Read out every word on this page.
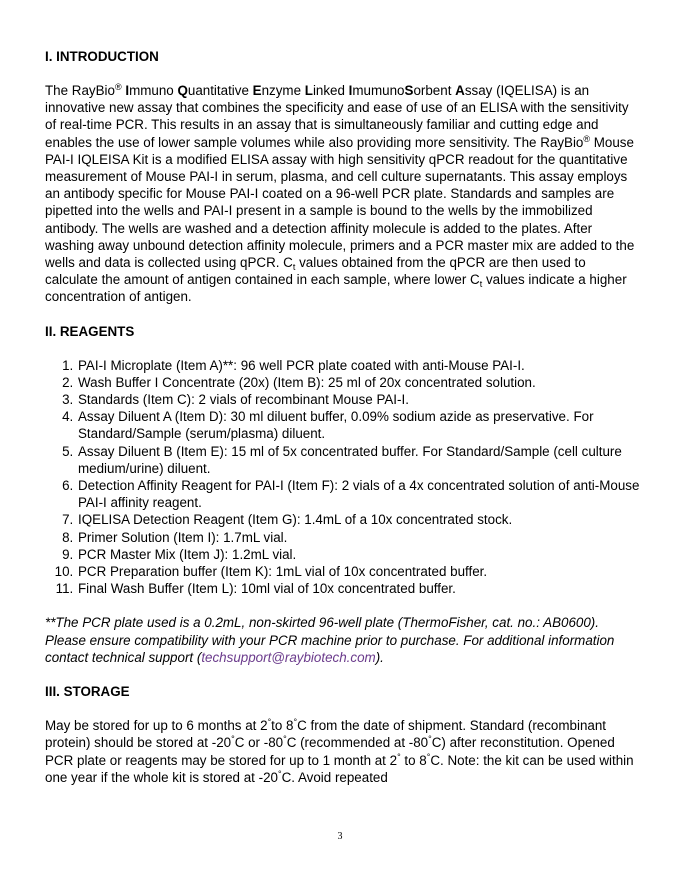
I. INTRODUCTION

The RayBio® Immuno Quantitative Enzyme Linked ImumunoSorbent Assay (IQELISA) is an innovative new assay that combines the specificity and ease of use of an ELISA with the sensitivity of real-time PCR. This results in an assay that is simultaneously familiar and cutting edge and enables the use of lower sample volumes while also providing more sensitivity. The RayBio® Mouse PAI-I IQLEISA Kit is a modified ELISA assay with high sensitivity qPCR readout for the quantitative measurement of Mouse PAI-I in serum, plasma, and cell culture supernatants. This assay employs an antibody specific for Mouse PAI-I coated on a 96-well PCR plate. Standards and samples are pipetted into the wells and PAI-I present in a sample is bound to the wells by the immobilized antibody. The wells are washed and a detection affinity molecule is added to the plates. After washing away unbound detection affinity molecule, primers and a PCR master mix are added to the wells and data is collected using qPCR. $C_t$ values obtained from the qPCR are then used to calculate the amount of antigen contained in each sample, where lower $C_t$ values indicate a higher concentration of antigen.

II. REAGENTS
1. PAI-I Microplate (Item A)**: 96 well PCR plate coated with anti-Mouse PAI-I.
2. Wash Buffer I Concentrate (20x) (Item B): 25 ml of 20x concentrated solution.
3. Standards (Item C): 2 vials of recombinant Mouse PAI-I.
4. Assay Diluent A (Item D): 30 ml diluent buffer, 0.09% sodium azide as preservative. For Standard/Sample (serum/plasma) diluent.
5. Assay Diluent B (Item E): 15 ml of 5x concentrated buffer. For Standard/Sample (cell culture medium/urine) diluent.
6. Detection Affinity Reagent for PAI-I (Item F): 2 vials of a 4x concentrated solution of anti-Mouse PAI-I affinity reagent.
7. IQELISA Detection Reagent (Item G): 1.4mL of a 10x concentrated stock.
8. Primer Solution (Item I): 1.7mL vial.
9. PCR Master Mix (Item J): 1.2mL vial.
10. PCR Preparation buffer (Item K): 1mL vial of 10x concentrated buffer.
11. Final Wash Buffer (Item L): 10ml vial of 10x concentrated buffer.

**The PCR plate used is a 0.2mL, non-skirted 96-well plate (ThermoFisher, cat. no.: AB0600). Please ensure compatibility with your PCR machine prior to purchase. For additional information contact technical support (techsupport@raybiotech.com).

III. STORAGE

May be stored for up to 6 months at 2°to 8°C from the date of shipment. Standard (recombinant protein) should be stored at -20°C or -80°C (recommended at -80°C) after reconstitution. Opened PCR plate or reagents may be stored for up to 1 month at 2° to 8°C. Note: the kit can be used within one year if the whole kit is stored at -20°C. Avoid repeated

3
